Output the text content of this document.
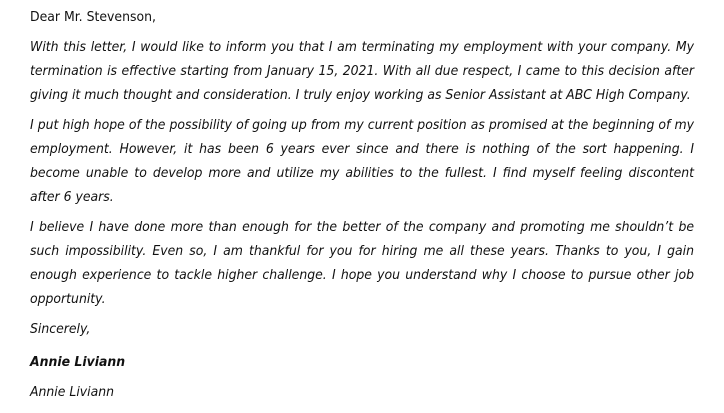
Dear Mr. Stevenson,

With this letter, I would like to inform you that I am terminating my employment with your company. My termination is effective starting from January 15, 2021. With all due respect, I came to this decision after giving it much thought and consideration. I truly enjoy working as Senior Assistant at ABC High Company.

I put high hope of the possibility of going up from my current position as promised at the beginning of my employment. However, it has been 6 years ever since and there is nothing of the sort happening. I become unable to develop more and utilize my abilities to the fullest. I find myself feeling discontent after 6 years.

I believe I have done more than enough for the better of the company and promoting me shouldn’t be such impossibility. Even so, I am thankful for you for hiring me all these years. Thanks to you, I gain enough experience to tackle higher challenge. I hope you understand why I choose to pursue other job opportunity.

Sincerely,

Annie Liviann

Annie Liviann
